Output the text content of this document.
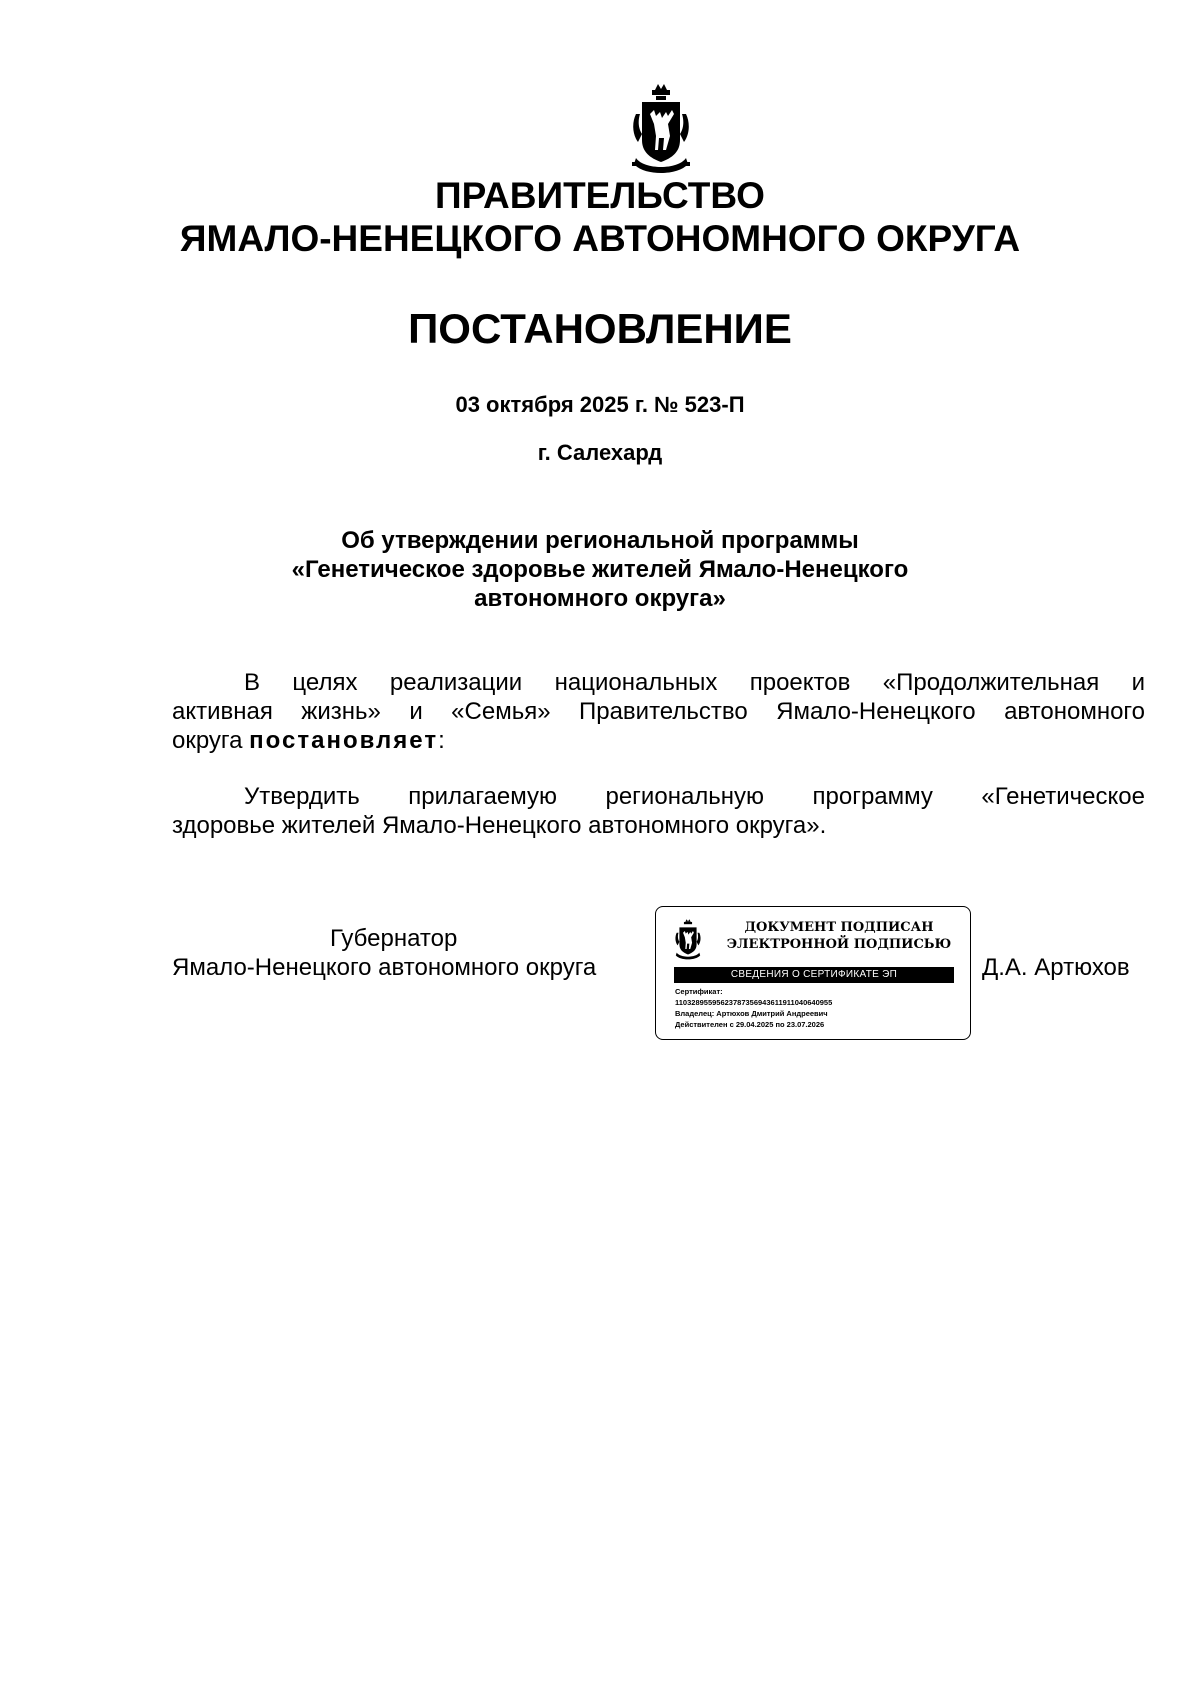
ПРАВИТЕЛЬСТВО
ЯМАЛО-НЕНЕЦКОГО АВТОНОМНОГО ОКРУГА
ПОСТАНОВЛЕНИЕ
03 октября 2025 г. № 523-П
г. Салехард
Об утверждении региональной программы
«Генетическое здоровье жителей Ямало-Ненецкого
автономного округа»
В целях реализации национальных проектов «Продолжительная и
активная жизнь» и «Семья» Правительство Ямало-Ненецкого автономного
округа постановляет:
Утвердить прилагаемую региональную программу «Генетическое
здоровье жителей Ямало-Ненецкого автономного округа».
Губернатор
Ямало-Ненецкого автономного округа
ДОКУМЕНТ ПОДПИСАН
ЭЛЕКТРОННОЙ ПОДПИСЬЮ
СВЕДЕНИЯ О СЕРТИФИКАТЕ ЭП
Сертификат:
11032895595623787356943611911040640955
Владелец: Артюхов Дмитрий Андреевич
Действителен с 29.04.2025 по 23.07.2026
Д.А. Артюхов
